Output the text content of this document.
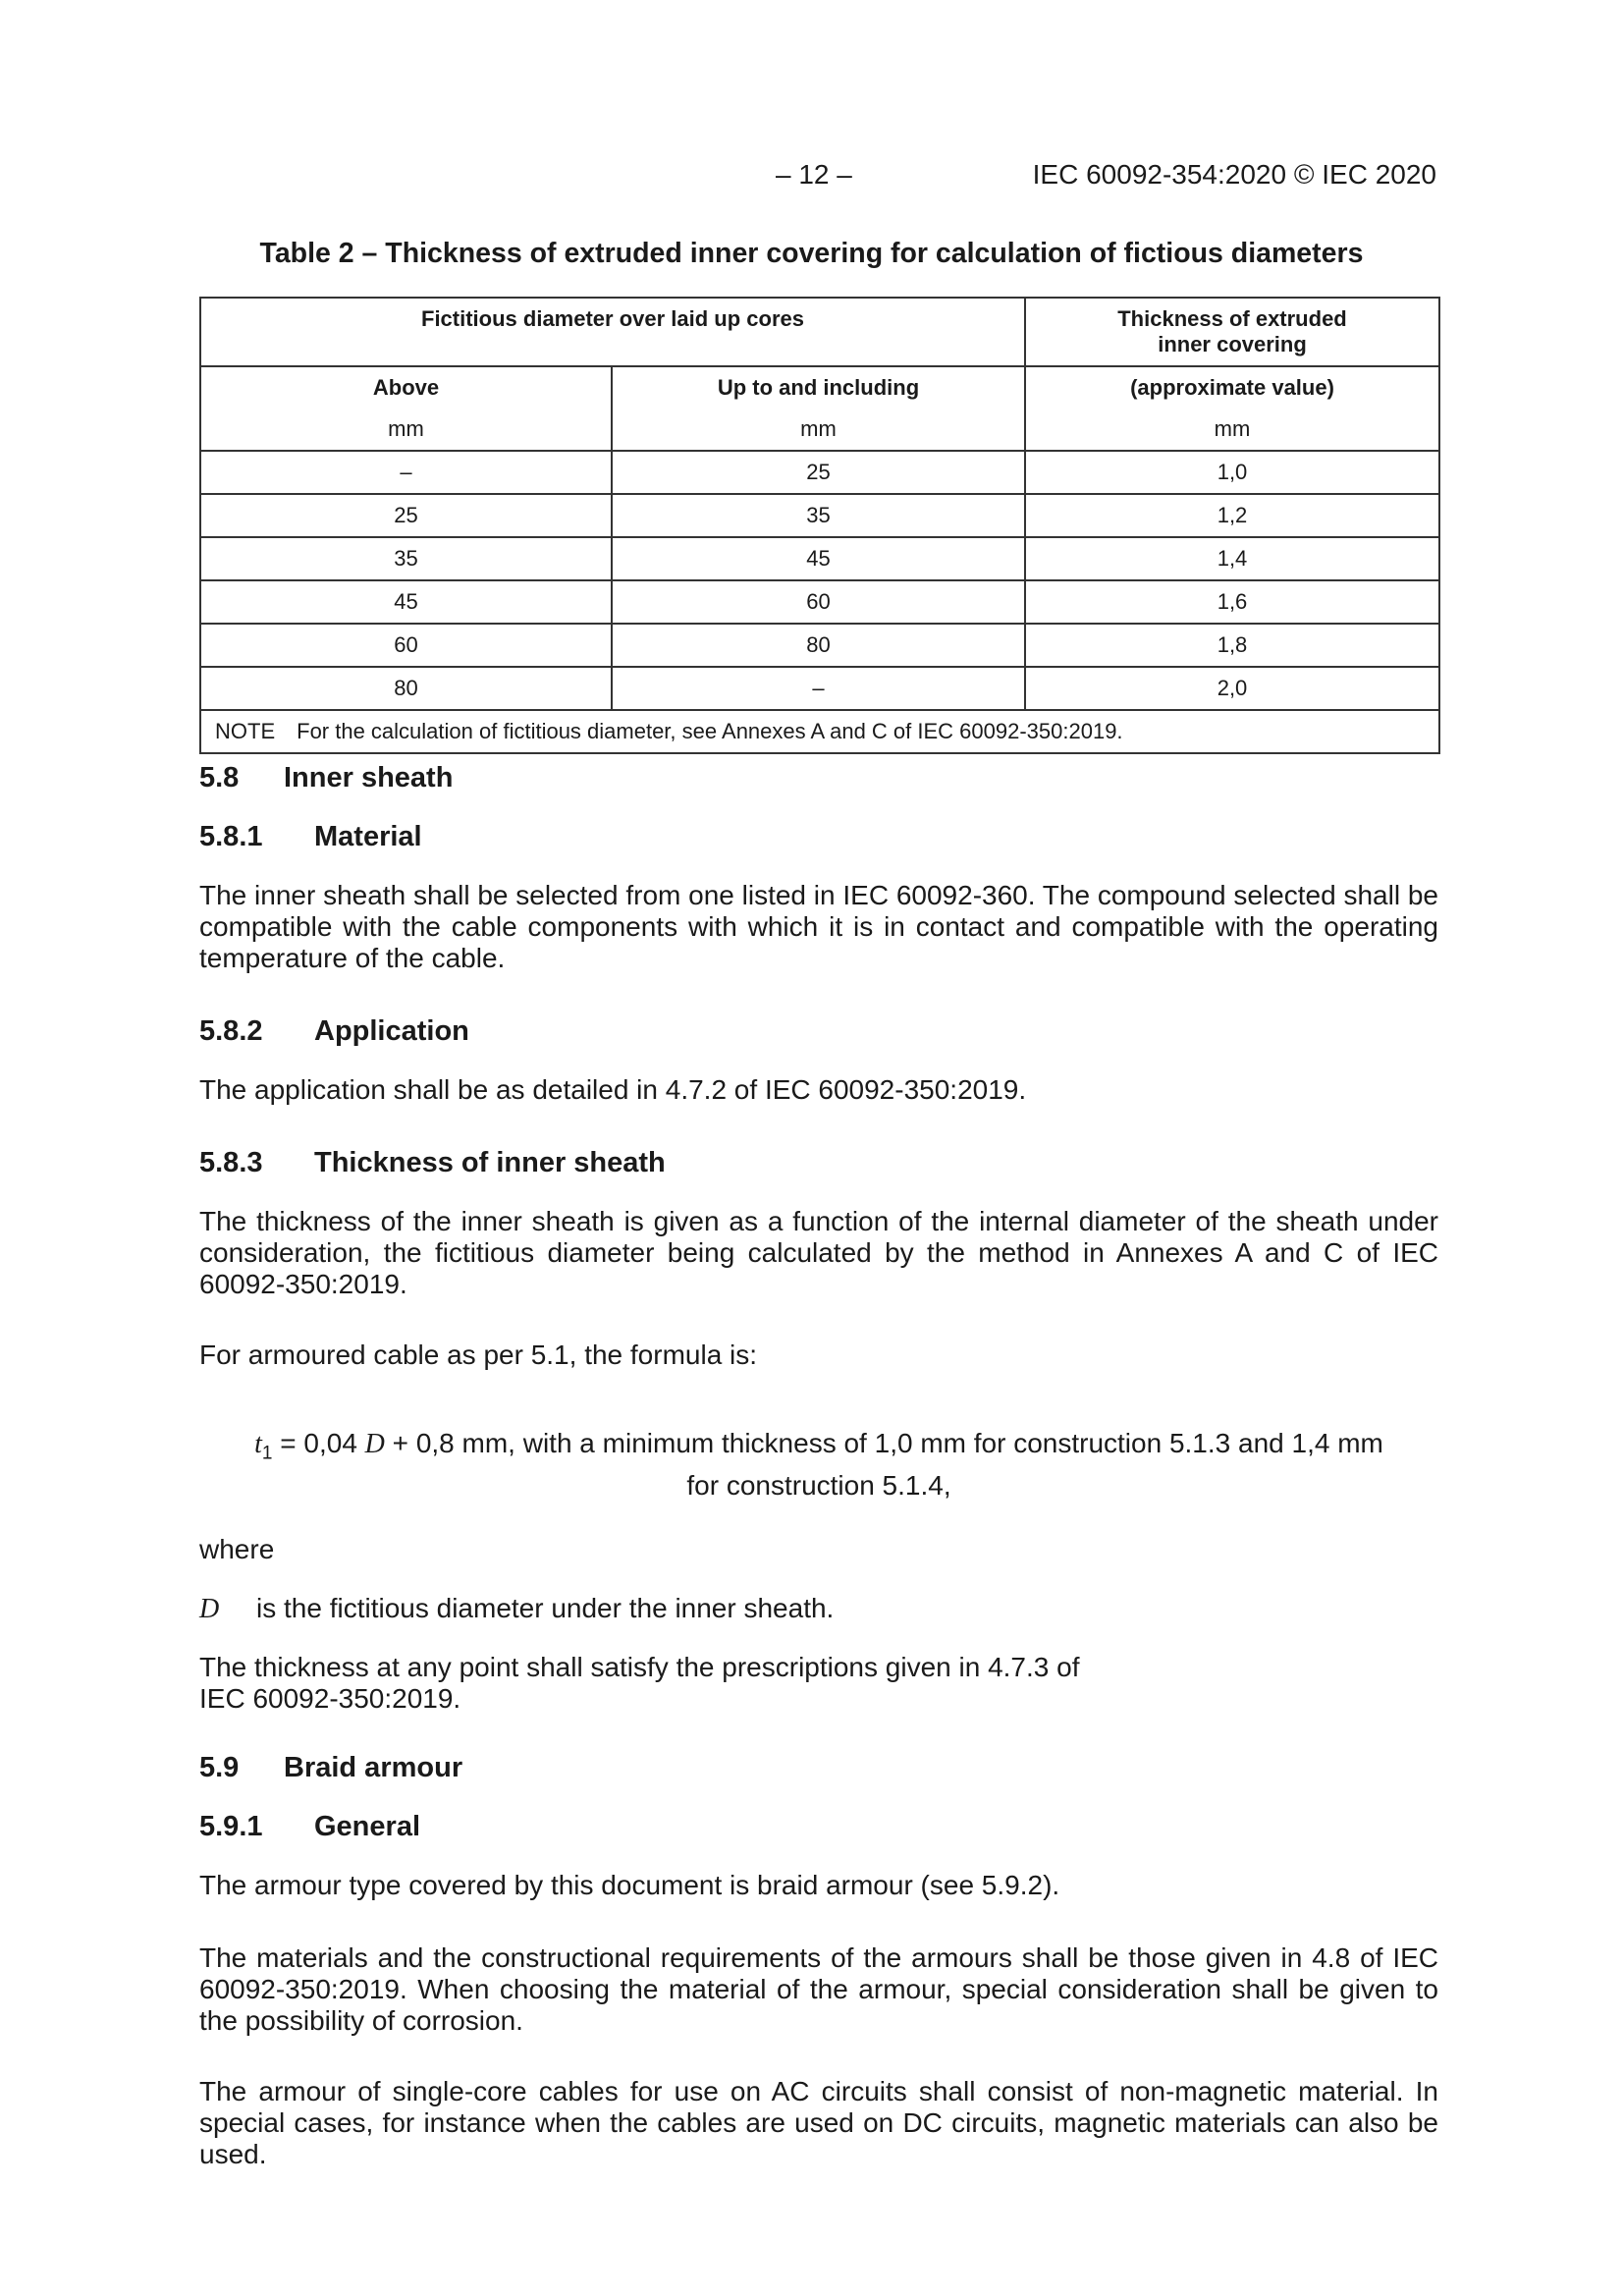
– 12 –	IEC 60092-354:2020 © IEC 2020
Table 2 – Thickness of extruded inner covering for calculation of fictious diameters
Fictitious diameter over laid up cores		Thickness of extruded
inner covering
Above	Up to and including	(approximate value)
mm	mm	mm
–	25	1,0
25	35	1,2
35	45	1,4
45	60	1,6
60	80	1,8
80	–	2,0
NOTE For the calculation of fictitious diameter, see Annexes A and C of IEC 60092-350:2019.		
5.8 Inner sheath
5.8.1 Material
The inner sheath shall be selected from one listed in IEC 60092-360. The compound selected shall be compatible with the cable components with which it is in contact and compatible with the operating temperature of the cable.
5.8.2 Application
The application shall be as detailed in 4.7.2 of IEC 60092-350:2019.
5.8.3 Thickness of inner sheath
The thickness of the inner sheath is given as a function of the internal diameter of the sheath under consideration, the fictitious diameter being calculated by the method in Annexes A and C of IEC 60092-350:2019.
For armoured cable as per 5.1, the formula is:
$t_1 = 0,04$ D + 0,8 mm, with a minimum thickness of 1,0 mm for construction 5.1.3 and 1,4 mm
for construction 5.1.4,
where
D is the fictitious diameter under the inner sheath.
The thickness at any point shall satisfy the prescriptions given in 4.7.3 of
IEC 60092-350:2019.
5.9 Braid armour
5.9.1 General
The armour type covered by this document is braid armour (see 5.9.2).
The materials and the constructional requirements of the armours shall be those given in 4.8 of IEC 60092-350:2019. When choosing the material of the armour, special consideration shall be given to the possibility of corrosion.
The armour of single-core cables for use on AC circuits shall consist of non-magnetic material. In special cases, for instance when the cables are used on DC circuits, magnetic materials can also be used.
